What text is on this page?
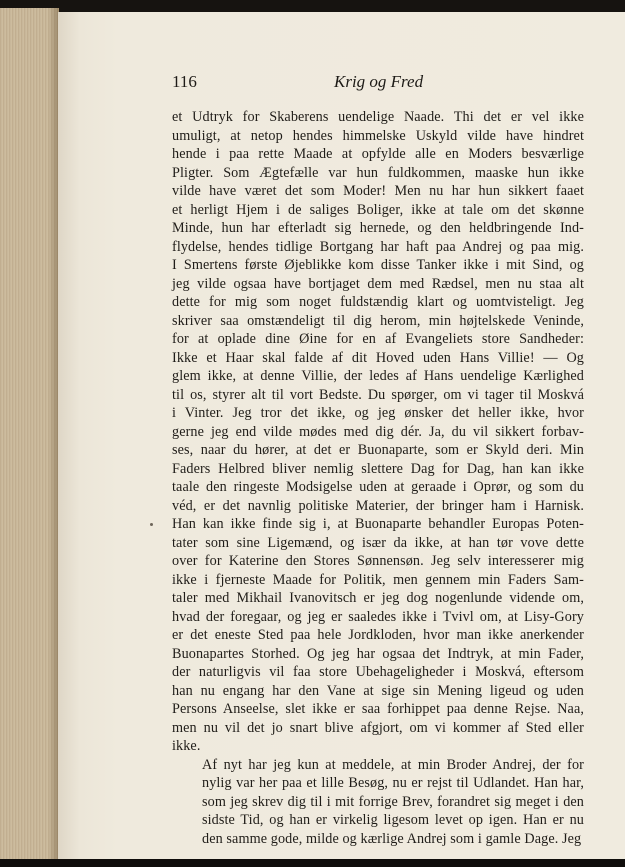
116	Krig og Fred

et Udtryk for Skaberens uendelige Naade. Thi det er vel ikke
umuligt, at netop hendes himmelske Uskyld vilde have hindret
hende i paa rette Maade at opfylde alle en Moders besværlige
Pligter. Som Ægtefælle var hun fuldkommen, maaske hun ikke
vilde have været det som Moder! Men nu har hun sikkert faaet
et herligt Hjem i de saliges Boliger, ikke at tale om det skønne
Minde, hun har efterladt sig hernede, og den heldbringende Ind-
flydelse, hendes tidlige Bortgang har haft paa Andrej og paa mig.
I Smertens første Øjeblikke kom disse Tanker ikke i mit Sind, og
jeg vilde ogsaa have bortjaget dem med Rædsel, men nu staa alt
dette for mig som noget fuldstændig klart og uomtvisteligt. Jeg
skriver saa omstændeligt til dig herom, min højtelskede Veninde,
for at oplade dine Øine for en af Evangeliets store Sandheder:
Ikke et Haar skal falde af dit Hoved uden Hans Villie! — Og
glem ikke, at denne Villie, der ledes af Hans uendelige Kærlighed
til os, styrer alt til vort Bedste. Du spørger, om vi tager til Moskvá
i Vinter. Jeg tror det ikke, og jeg ønsker det heller ikke, hvor
gerne jeg end vilde mødes med dig dér. Ja, du vil sikkert forbav-
ses, naar du hører, at det er Buonaparte, som er Skyld deri. Min
Faders Helbred bliver nemlig slettere Dag for Dag, han kan ikke
taale den ringeste Modsigelse uden at geraade i Oprør, og som du
véd, er det navnlig politiske Materier, der bringer ham i Harnisk.
Han kan ikke finde sig i, at Buonaparte behandler Europas Poten-
tater som sine Ligemænd, og især da ikke, at han tør vove dette
over for Katerine den Stores Sønnensøn. Jeg selv interesserer mig
ikke i fjerneste Maade for Politik, men gennem min Faders Sam-
taler med Mikhail Ivanovitsch er jeg dog nogenlunde vidende om,
hvad der foregaar, og jeg er saaledes ikke i Tvivl om, at Lisy-Gory
er det eneste Sted paa hele Jordkloden, hvor man ikke anerkender
Buonapartes Storhed. Og jeg har ogsaa det Indtryk, at min Fader,
der naturligvis vil faa store Ubehageligheder i Moskvá, eftersom
han nu engang har den Vane at sige sin Mening ligeud og uden
Persons Anseelse, slet ikke er saa forhippet paa denne Rejse. Naa,
men nu vil det jo snart blive afgjort, om vi kommer af Sted eller
ikke.

Af nyt har jeg kun at meddele, at min Broder Andrej, der for
nylig var her paa et lille Besøg, nu er rejst til Udlandet. Han har,
som jeg skrev dig til i mit forrige Brev, forandret sig meget i den
sidste Tid, og han er virkelig ligesom levet op igen. Han er nu
den samme gode, milde og kærlige Andrej som i gamle Dage. Jeg
